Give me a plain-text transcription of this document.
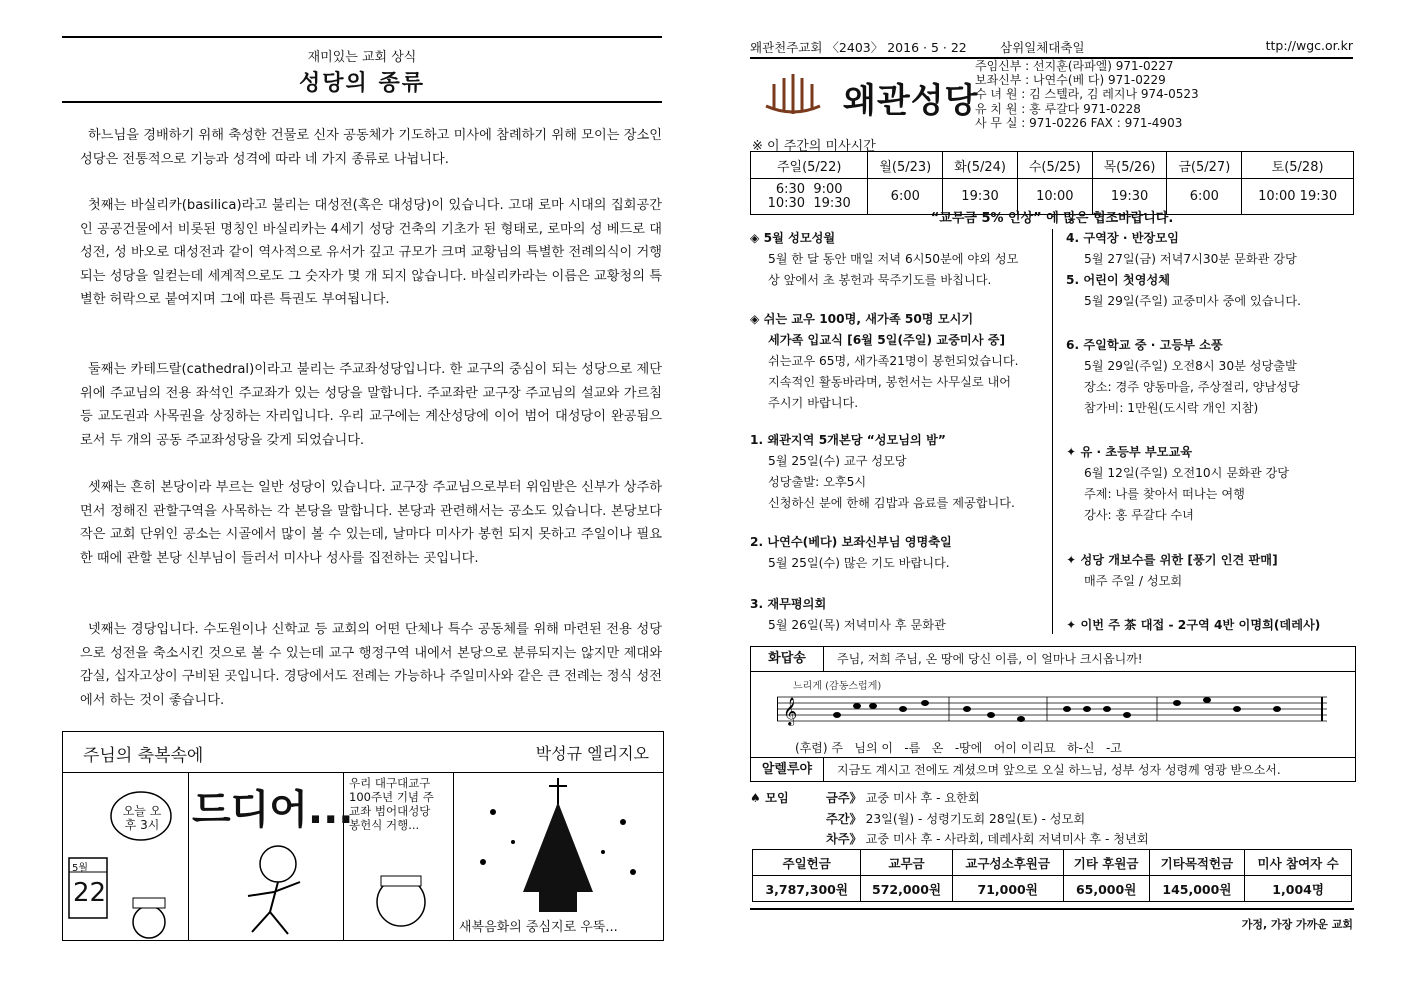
재미있는 교회 상식
성당의 종류
하느님을 경배하기 위해 축성한 건물로 신자 공동체가 기도하고 미사에 참례하기 위해 모이는 장소인 성당은 전통적으로 기능과 성격에 따라 네 가지 종류로 나뉩니다.
첫째는 바실리카(basilica)라고 불리는 대성전(혹은 대성당)이 있습니다. 고대 로마 시대의 집회공간인 공공건물에서 비롯된 명칭인 바실리카는 4세기 성당 건축의 기초가 된 형태로, 로마의 성 베드로 대성전, 성 바오로 대성전과 같이 역사적으로 유서가 깊고 규모가 크며 교황님의 특별한 전례의식이 거행되는 성당을 일컫는데 세계적으로도 그 숫자가 몇 개 되지 않습니다. 바실리카라는 이름은 교황청의 특별한 허락으로 붙여지며 그에 따른 특권도 부여됩니다.
둘째는 카테드랄(cathedral)이라고 불리는 주교좌성당입니다. 한 교구의 중심이 되는 성당으로 제단 위에 주교님의 전용 좌석인 주교좌가 있는 성당을 말합니다. 주교좌란 교구장 주교님의 설교와 가르침 등 교도권과 사목권을 상징하는 자리입니다. 우리 교구에는 계산성당에 이어 범어 대성당이 완공됨으로서 두 개의 공동 주교좌성당을 갖게 되었습니다.
셋째는 흔히 본당이라 부르는 일반 성당이 있습니다. 교구장 주교님으로부터 위임받은 신부가 상주하면서 정해진 관할구역을 사목하는 각 본당을 말합니다. 본당과 관련해서는 공소도 있습니다. 본당보다 작은 교회 단위인 공소는 시골에서 많이 볼 수 있는데, 날마다 미사가 봉헌 되지 못하고 주일이나 필요한 때에 관할 본당 신부님이 들러서 미사나 성사를 집전하는 곳입니다.
넷째는 경당입니다. 수도원이나 신학교 등 교회의 어떤 단체나 특수 공동체를 위해 마련된 전용 성당으로 성전을 축소시킨 것으로 볼 수 있는데 교구 행정구역 내에서 본당으로 분류되지는 않지만 제대와 감실, 십자고상이 구비된 곳입니다. 경당에서도 전례는 가능하나 주일미사와 같은 큰 전례는 정식 성전에서 하는 것이 좋습니다.
주님의 축복속에	박성규 엘리지오
오늘 오후 3시
5월
22
드디어...
우리 대구대교구 100주년 기념 주교좌 범어대성당 봉헌식 거행...
새복음화의 중심지로 우뚝...
왜관천주교회 〈2403〉 2016 · 5 · 22	삼위일체대축일	ttp://wgc.or.kr
왜관성당
주임신부 : 선지훈(라파엘) 971-0227
보좌신부 : 나연수(베 다) 971-0229
수 녀 원 : 김 스텔라, 김 레지나 974-0523
유 치 원 : 홍 루갈다 971-0228
사 무 실 : 971-0226 FAX : 971-4903
※ 이 주간의 미사시간
주일(5/22)	월(5/23)	화(5/24)	수(5/25)	목(5/26)	금(5/27)	토(5/28)
6:30  9:00
10:30  19:30	6:00	19:30	10:00	19:30	6:00	10:00 19:30
“교무금 5% 인상” 에 많은 협조바랍니다.
◈ 5월 성모성월
5월 한 달 동안 매일 저녁 6시50분에 야외 성모
상 앞에서 초 봉헌과 묵주기도를 바칩니다.
◈ 쉬는 교우 100명, 새가족 50명 모시기
세가족 입교식 [6월 5일(주일) 교중미사 중]
쉬는교우 65명, 새가족21명이 봉헌되었습니다.
지속적인 활동바라며, 봉헌서는 사무실로 내어
주시기 바랍니다.
1. 왜관지역 5개본당 “성모님의 밤”
5월 25일(수) 교구 성모당
성당출발: 오후5시
신청하신 분에 한해 김밥과 음료를 제공합니다.
2. 나연수(베다) 보좌신부님 영명축일
5월 25일(수) 많은 기도 바랍니다.
3. 재무평의회
5월 26일(목) 저녁미사 후 문화관
4. 구역장 · 반장모임
5월 27일(금) 저녁7시30분 문화관 강당
5. 어린이 첫영성체
5월 29일(주일) 교중미사 중에 있습니다.
6. 주일학교 중 · 고등부 소풍
5월 29일(주일) 오전8시 30분 성당출발
장소: 경주 양동마을, 주상절리, 양남성당
참가비: 1만원(도시락 개인 지참)
✦ 유 · 초등부 부모교육
6월 12일(주일) 오전10시 문화관 강당
주제: 나를 찾아서 떠나는 여행
강사: 홍 루갈다 수녀
✦ 성당 개보수를 위한 [풍기 인견 판매]
매주 주일 / 성모회
✦ 이번 주 茶 대접 - 2구역 4반 이명희(데레사)
화답송	주님, 저희 주님, 온 땅에 당신 이름, 이 얼마나 크시옵니까!
느리게 (감동스럽게)
𝄞
(후렴) 주   님의 이   -름   온   -땅에   어이 이리묘   하-신   -고
알렐루야	지금도 계시고 전에도 계셨으며 앞으로 오실 하느님, 성부 성자 성령께 영광 받으소서.
♠ 모임	금주》 교중 미사 후 - 요한회
주간》 23일(월) - 성령기도회 28일(토) - 성모회
차주》 교중 미사 후 - 사라회, 데레사회 저녁미사 후 - 청년회
주일헌금	교무금	교구성소후원금	기타 후원금	기타목적헌금	미사 참여자 수
3,787,300원	572,000원	71,000원	65,000원	145,000원	1,004명
가정, 가장 가까운 교회
